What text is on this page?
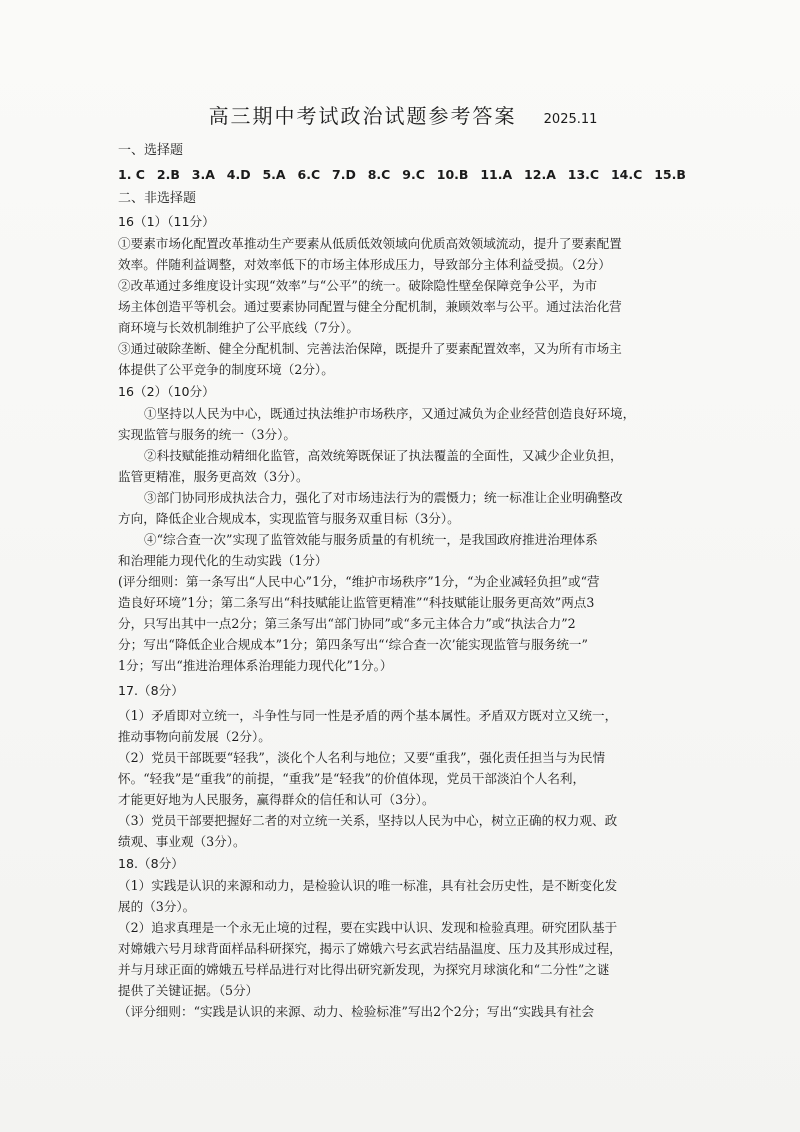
高三期中考试政治试题参考答案 2025.11
一、选择题
1. C 2.B 3.A 4.D 5.A 6.C 7.D 8.C 9.C 10.B 11.A 12.A 13.C 14.C 15.B
二、非选择题
16（1）（11分）
①要素市场化配置改革推动生产要素从低质低效领域向优质高效领域流动，提升了要素配置
效率。伴随利益调整，对效率低下的市场主体形成压力，导致部分主体利益受损。（2分）
②改革通过多维度设计实现“效率”与“公平”的统一。破除隐性壁垒保障竞争公平，为市
场主体创造平等机会。通过要素协同配置与健全分配机制，兼顾效率与公平。通过法治化营
商环境与长效机制维护了公平底线（7分）。
③通过破除垄断、健全分配机制、完善法治保障，既提升了要素配置效率，又为所有市场主
体提供了公平竞争的制度环境（2分）。
16（2）（10分）
①坚持以人民为中心，既通过执法维护市场秩序，又通过减负为企业经营创造良好环境，
实现监管与服务的统一（3分）。
②科技赋能推动精细化监管，高效统筹既保证了执法覆盖的全面性，又减少企业负担，
监管更精准，服务更高效（3分）。
③部门协同形成执法合力，强化了对市场违法行为的震慑力；统一标准让企业明确整改
方向，降低企业合规成本，实现监管与服务双重目标（3分）。
④“综合查一次”实现了监管效能与服务质量的有机统一，是我国政府推进治理体系
和治理能力现代化的生动实践（1分）
(评分细则：第一条写出“人民中心”1分，“维护市场秩序”1分，“为企业减轻负担”或“营
造良好环境”1分；第二条写出“科技赋能让监管更精准”“科技赋能让服务更高效”两点3
分，只写出其中一点2分；第三条写出“部门协同”或“多元主体合力”或“执法合力”2
分；写出“降低企业合规成本”1分；第四条写出“‘综合查一次’能实现监管与服务统一”
1分；写出“推进治理体系治理能力现代化”1分。）
17.（8分）
（1）矛盾即对立统一，斗争性与同一性是矛盾的两个基本属性。矛盾双方既对立又统一，
推动事物向前发展（2分）。
（2）党员干部既要“轻我”，淡化个人名利与地位；又要“重我”，强化责任担当与为民情
怀。“轻我”是“重我”的前提，“重我”是“轻我”的价值体现，党员干部淡泊个人名利，
才能更好地为人民服务，赢得群众的信任和认可（3分）。
（3）党员干部要把握好二者的对立统一关系，坚持以人民为中心，树立正确的权力观、政
绩观、事业观（3分）。
18.（8分）
（1）实践是认识的来源和动力，是检验认识的唯一标准，具有社会历史性，是不断变化发
展的（3分）。
（2）追求真理是一个永无止境的过程，要在实践中认识、发现和检验真理。研究团队基于
对嫦娥六号月球背面样品科研探究，揭示了嫦娥六号玄武岩结晶温度、压力及其形成过程，
并与月球正面的嫦娥五号样品进行对比得出研究新发现，为探究月球演化和“二分性”之谜
提供了关键证据。（5分）
（评分细则：“实践是认识的来源、动力、检验标准”写出2个2分；写出“实践具有社会
